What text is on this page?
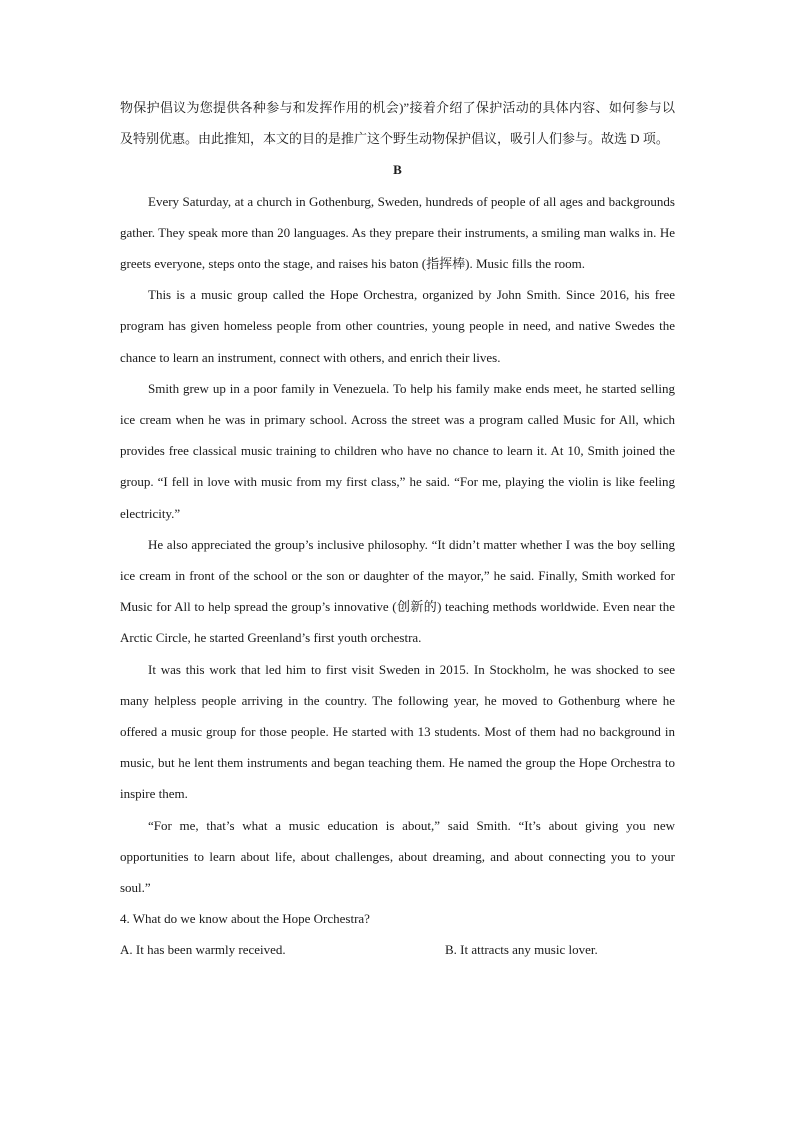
物保护倡议为您提供各种参与和发挥作用的机会)”接着介绍了保护活动的具体内容、如何参与以及特别优惠。由此推知，本文的目的是推广这个野生动物保护倡议，吸引人们参与。故选 D 项。

B

Every Saturday, at a church in Gothenburg, Sweden, hundreds of people of all ages and backgrounds gather. They speak more than 20 languages. As they prepare their instruments, a smiling man walks in. He greets everyone, steps onto the stage, and raises his baton (指挥棒). Music fills the room.

This is a music group called the Hope Orchestra, organized by John Smith. Since 2016, his free program has given homeless people from other countries, young people in need, and native Swedes the chance to learn an instrument, connect with others, and enrich their lives.

Smith grew up in a poor family in Venezuela. To help his family make ends meet, he started selling ice cream when he was in primary school. Across the street was a program called Music for All, which provides free classical music training to children who have no chance to learn it. At 10, Smith joined the group. “I fell in love with music from my first class,” he said. “For me, playing the violin is like feeling electricity.”

He also appreciated the group’s inclusive philosophy. “It didn’t matter whether I was the boy selling ice cream in front of the school or the son or daughter of the mayor,” he said. Finally, Smith worked for Music for All to help spread the group’s innovative (创新的) teaching methods worldwide. Even near the Arctic Circle, he started Greenland’s first youth orchestra.

It was this work that led him to first visit Sweden in 2015. In Stockholm, he was shocked to see many helpless people arriving in the country. The following year, he moved to Gothenburg where he offered a music group for those people. He started with 13 students. Most of them had no background in music, but he lent them instruments and began teaching them. He named the group the Hope Orchestra to inspire them.

“For me, that’s what a music education is about,” said Smith. “It’s about giving you new opportunities to learn about life, about challenges, about dreaming, and about connecting you to your soul.”

4. What do we know about the Hope Orchestra?

A. It has been warmly received.	B. It attracts any music lover.
